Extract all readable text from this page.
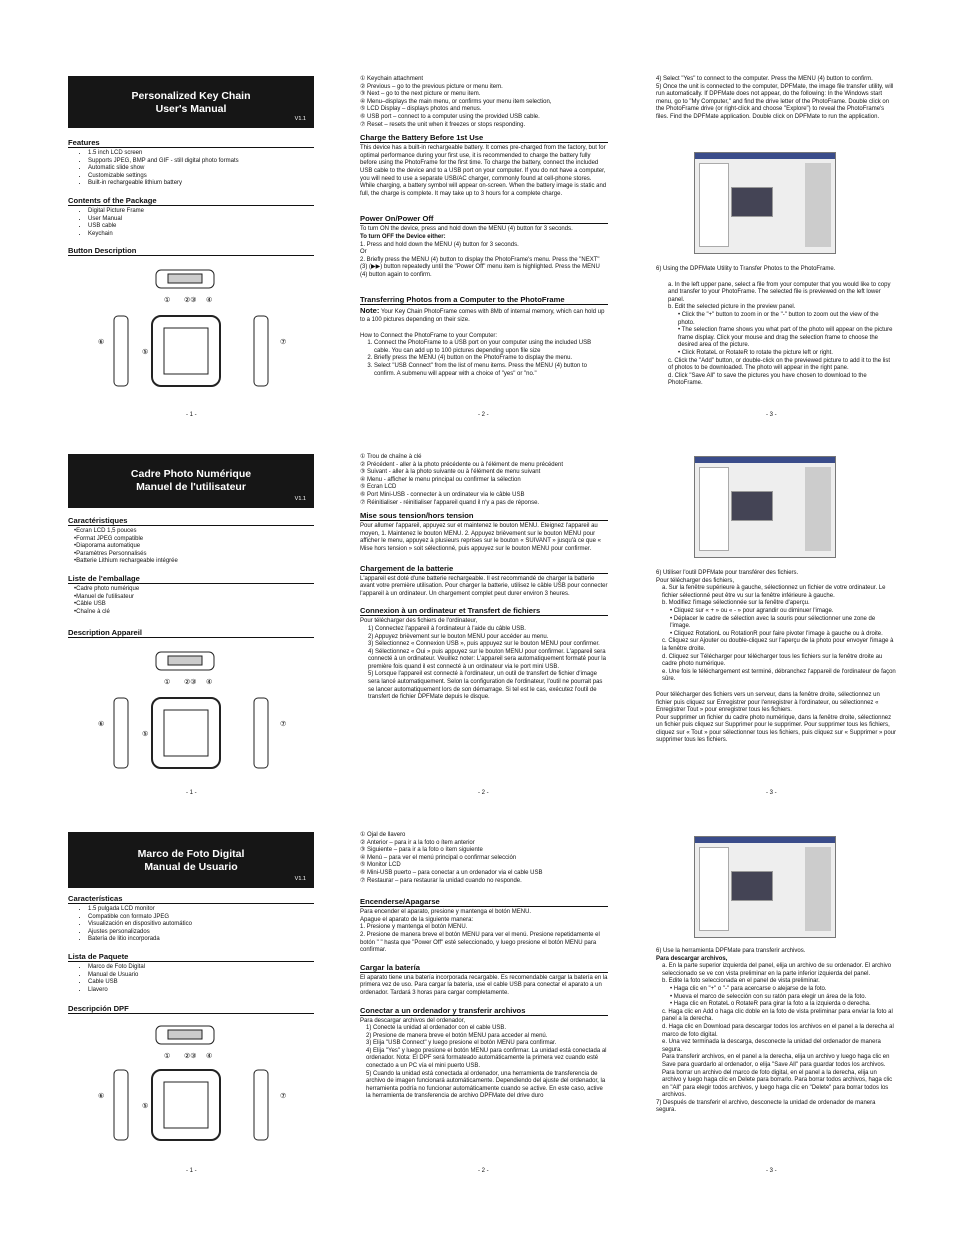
Personalized Key Chain
User's Manual
V1.1
Features
• 1.5 inch LCD screen
• Supports JPEG, BMP and GIF - still digital photo formats
• Automatic slide show
• Customizable settings
• Built-in rechargeable lithium battery
Contents of the Package
• Digital Picture Frame
• User Manual
• USB cable
• Keychain
Button Description
① ②③ ④
⑥
⑤
⑦
- 1 -
① Keychain attachment
② Previous – go to the previous picture or menu item.
③ Next – go to the next picture or menu item.
④ Menu–displays the main menu, or confirms your menu item selection,
⑤ LCD Display – displays photos and menus.
⑥ USB port – connect to a computer using the provided USB cable.
⑦ Reset – resets the unit when it freezes or stops responding.
Charge the Battery Before 1st Use

This device has a built-in rechargeable battery. It comes pre-charged from the factory, but for optimal performance during your first use, it is recommended to charge the battery fully before using the PhotoFrame for the first time. To charge the battery, connect the included USB cable to the device and to a USB port on your computer. If you do not have a computer, you will need to use a separate USB/AC charger, commonly found at cell-phone stores. While charging, a battery symbol will appear on-screen. When the battery image is static and full, the charge is complete. It may take up to 3 hours for a complete charge.

Power On/Power Off

To turn ON the device, press and hold down the MENU (4) button for 3 seconds.

To turn OFF the Device either:

1. Press and hold down the MENU (4) button for 3 seconds.

Or

2. Briefly press the MENU (4) button to display the PhotoFrame's menu. Press the "NEXT" (3) (▶▶) button repeatedly until the "Power Off" menu item is highlighted. Press the MENU (4) button again to confirm.

Transferring Photos from a Computer to the PhotoFrame

Note: Your Key Chain PhotoFrame comes with 8Mb of internal memory, which can hold up to a 100 pictures depending on their size.

How to Connect the PhotoFrame to your Computer:

1. Connect the PhotoFrame to a USB port on your computer using the included USB cable. You can add up to 100 pictures depending upon file size
2. Briefly press the MENU (4) button on the PhotoFrame to display the menu.
3. Select "USB Connect" from the list of menu items. Press the MENU (4) button to confirm. A submenu will appear with a choice of "yes" or "no."
- 2 -

4) Select "Yes" to connect to the computer. Press the MENU (4) button to confirm.

5) Once the unit is connected to the computer, DPFMate, the image file transfer utility, will run automatically. If DPFMate does not appear, do the following: In the Windows start menu, go to "My Computer," and find the drive letter of the PhotoFrame. Double click on the PhotoFrame drive (or right-click and choose "Explore") to reveal the PhotoFrame's files. Find the DPFMate application. Double click on DPFMate to run the application.

6) Using the DPFMate Utility to Transfer Photos to the PhotoFrame.

a. In the left upper pane, select a file from your computer that you would like to copy and transfer to your PhotoFrame. The selected file is previewed on the left lower panel.

b. Edit the selected picture in the preview panel.

• Click the "+" button to zoom in or the "-" button to zoom out the view of the photo.

• The selection frame shows you what part of the photo will appear on the picture frame display. Click your mouse and drag the selection frame to choose the desired area of the picture.

• Click RotateL or RotateR to rotate the picture left or right.

c. Click the "Add" button, or double-click on the previewed picture to add it to the list of photos to be downloaded. The photo will appear in the right pane.

d. Click "Save All" to save the pictures you have chosen to download to the PhotoFrame.

- 3 -
Cadre Photo Numérique
Manuel de l'utilisateur
V1.1
Caractéristiques
• Ecran LCD 1,5 pouces
• Format JPEG compatible
• Diaporama automatique
• Paramètres Personnalisés
• Batterie Lithium rechargeable intégrée
Liste de l'emballage
• Cadre photo numérique
• Manuel de l'utilisateur
• Câble USB
• Chaîne à clé
Description Appareil
① ②③ ④
⑥
⑤
⑦
- 1 -
① Trou de chaîne à clé
② Précédent - aller à la photo précédente ou à l'élément de menu précédent
③ Suivant - aller à la photo suivante ou à l'élément de menu suivant
④ Menu - afficher le menu principal ou confirmer la sélection
⑤ Ecran LCD
⑥ Port Mini-USB - connecter à un ordinateur via le câble USB
⑦ Réinitialiser - réinitialiser l'appareil quand il n'y a pas de réponse.
Mise sous tension/hors tension

Pour allumer l'appareil, appuyez sur et maintenez le bouton MENU. Eteignez l'appareil au moyen, 1. Maintenez le bouton MENU. 2. Appuyez brièvement sur le bouton MENU pour afficher le menu, appuyez à plusieurs reprises sur le bouton « SUIVANT » jusqu'à ce que « Mise hors tension » soit sélectionné, puis appuyez sur le bouton MENU pour confirmer.

Chargement de la batterie

L'appareil est doté d'une batterie rechargeable. Il est recommandé de charger la batterie avant votre première utilisation. Pour charger la batterie, utilisez le câble USB pour connecter l'appareil à un ordinateur. Un chargement complet peut durer environ 3 heures.

Connexion à un ordinateur et Transfert de fichiers

Pour télécharger des fichiers de l'ordinateur,

1) Connectez l'appareil à l'ordinateur à l'aide du câble USB.

2) Appuyez brièvement sur le bouton MENU pour accéder au menu.

3) Sélectionnez « Connexion USB », puis appuyez sur le bouton MENU pour confirmer.

4) Sélectionnez « Oui » puis appuyez sur le bouton MENU pour confirmer. L'appareil sera connecté à un ordinateur. Veuillez noter: L'appareil sera automatiquement formaté pour la première fois quand il est connecté à un ordinateur via le port mini USB.

5) Lorsque l'appareil est connecté à l'ordinateur, un outil de transfert de fichier d'image sera lancé automatiquement. Selon la configuration de l'ordinateur, l'outil ne pourrait pas se lancer automatiquement lors de son démarrage. Si tel est le cas, exécutez l'outil de transfert de fichier DPFMate depuis le disque.

- 2 -

6) Utiliser l'outil DPFMate pour transférer des fichiers.

Pour télécharger des fichiers,

a. Sur la fenêtre supérieure à gauche, sélectionnez un fichier de votre ordinateur. Le fichier sélectionné peut être vu sur la fenêtre inférieure à gauche.

b. Modifiez l'image sélectionnée sur la fenêtre d'aperçu.

• Cliquez sur « + » ou « - » pour agrandir ou diminuer l'image.

• Déplacer le cadre de sélection avec la souris pour sélectionner une zone de l'image.

• Cliquez RotationL ou RotationR pour faire pivoter l'image à gauche ou à droite.

c. Cliquez sur Ajouter ou double-cliquez sur l'aperçu de la photo pour envoyer l'image à la fenêtre droite.

d. Cliquez sur Télécharger pour télécharger tous les fichiers sur la fenêtre droite au cadre photo numérique.

e. Une fois le téléchargement est terminé, débranchez l'appareil de l'ordinateur de façon sûre.

Pour télécharger des fichiers vers un serveur, dans la fenêtre droite, sélectionnez un fichier puis cliquez sur Enregistrer pour l'enregistrer à l'ordinateur, ou sélectionnez « Enregistrer Tout » pour enregistrer tous les fichiers.

Pour supprimer un fichier du cadre photo numérique, dans la fenêtre droite, sélectionnez un fichier puis cliquez sur Supprimer pour le supprimer. Pour supprimer tous les fichiers, cliquez sur « Tout » pour sélectionner tous les fichiers, puis cliquez sur « Supprimer » pour supprimer tous les fichiers.

- 3 -
Marco de Foto Digital
Manual de Usuario
V1.1
Características
• 1.5 pulgada LCD monitor
• Compatible con formato JPEG
• Visualización en dispositivo automático
• Ajustes personalizados
• Batería de litio incorporada
Lista de Paquete
• Marco de Foto Digital
• Manual de Usuario
• Cable USB
• Llavero
Descripción DPF
① ②③ ④
⑥
⑤
⑦
- 1 -
① Ojal de llavero
② Anterior – para ir a la foto o ítem anterior
③ Siguiente – para ir a la foto o ítem siguiente
④ Menú – para ver el menú principal o confirmar selección
⑤ Monitor LCD
⑥ Mini-USB puerto – para conectar a un ordenador via el cable USB
⑦ Restaurar – para restaurar la unidad cuando no responde.
Encenderse/Apagarse

Para encender el aparato, presione y mantenga el botón MENU.

Apague el aparato de la siguiente manera:

1. Presione y mantenga el botón MENU.

2. Presione de manera breve el botón MENU para ver el menú. Presione repetidamente el botón " " hasta que "Power Off" esté seleccionado, y luego presione el botón MENU para confirmar.

Cargar la batería

El aparato tiene una batería incorporada recargable. Es recomendable cargar la batería en la primera vez de uso. Para cargar la batería, use el cable USB para conectar el aparato a un ordenador. Tardará 3 horas para cargar completamente.

Conectar a un ordenador y transferir archivos

Para descargar archivos del ordenador,

1) Conecte la unidad al ordenador con el cable USB.

2) Presione de manera breve el botón MENU para acceder al menú.

3) Elija "USB Connect" y luego presione el botón MENU para confirmar.

4) Elija "Yes" y luego presione el botón MENU para confirmar. La unidad está conectada al ordenador. Nota: El DPF será formateado automáticamente la primera vez cuando esté conectado a un PC vía el mini puerto USB.

5) Cuando la unidad está conectada al ordenador, una herramienta de transferencia de archivo de imagen funcionará automáticamente. Dependiendo del ajuste del ordenador, la herramienta podría no funcionar automáticamente cuando se active. En este caso, active la herramienta de transferencia de archivo DPFMate del drive duro

- 2 -

6) Use la herramienta DPFMate para transferir archivos.

Para descargar archivos,

a. En la parte superior izquierda del panel, elija un archivo de su ordenador. El archivo seleccionado se ve con vista preliminar en la parte inferior izquierda del panel.

b. Edite la foto seleccionada en el panel de vista preliminar.

• Haga clic en "+" o "-" para acercarse o alejarse de la foto.

• Mueva el marco de selección con su ratón para elegir un área de la foto.

• Haga clic en RotateL o RotateR para girar la foto a la izquierda o derecha.

c. Haga clic en Add o haga clic doble en la foto de vista preliminar para enviar la foto al panel a la derecha.

d. Haga clic en Download para descargar todos los archivos en el panel a la derecha al marco de foto digital.

e. Una vez terminada la descarga, desconecte la unidad del ordenador de manera segura.

Para transferir archivos, en el panel a la derecha, elija un archivo y luego haga clic en Save para guardarlo al ordenador, o elija "Save All" para guardar todos los archivos.

Para borrar un archivo del marco de foto digital, en el panel a la derecha, elija un archivo y luego haga clic en Delete para borrarlo. Para borrar todos archivos, haga clic en "All" para elegir todos archivos, y luego haga clic en "Delete" para borrar todos los archivos.

7) Después de transferir el archivo, desconecte la unidad de ordenador de manera segura.

- 3 -
